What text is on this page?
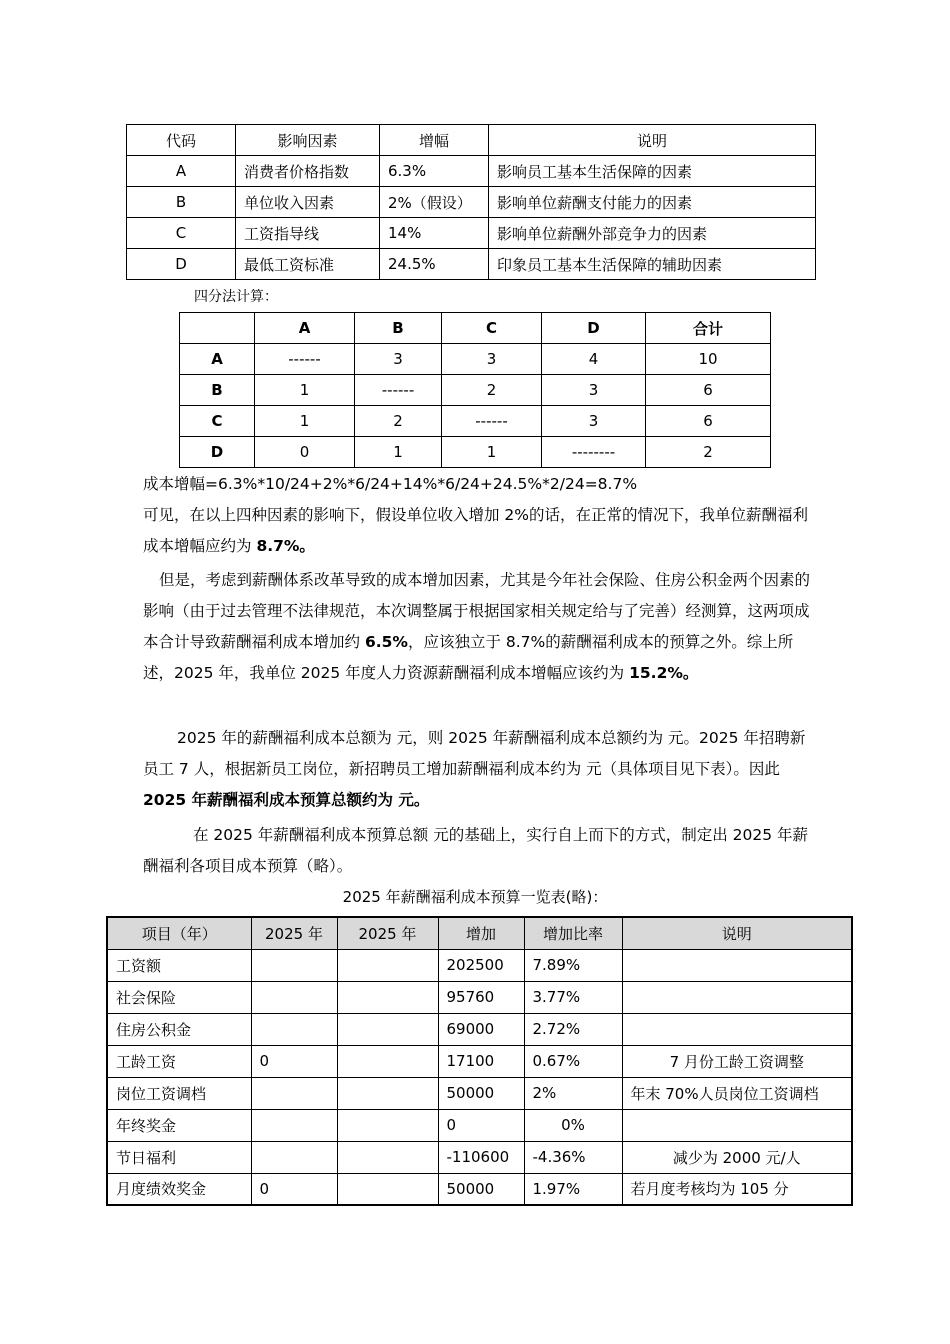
代码	影响因素	增幅	说明
A	消费者价格指数	6.3%	影响员工基本生活保障的因素
B	单位收入因素	2%（假设）	影响单位薪酬支付能力的因素
C	工资指导线	14%	影响单位薪酬外部竞争力的因素
D	最低工资标准	24.5%	印象员工基本生活保障的辅助因素
四分法计算：
	A	B	C	D	合计
A	------	3	3	4	10
B	1	------	2	3	6
C	1	2	------	3	6
D	0	1	1	--------	2

成本增幅=6.3%*10/24+2%*6/24+14%*6/24+24.5%*2/24=8.7%
可见，在以上四种因素的影响下，假设单位收入增加 2%的话，在正常的情况下，我单位薪酬福利成本增幅应约为 8.7%。

但是，考虑到薪酬体系改革导致的成本增加因素，尤其是今年社会保险、住房公积金两个因素的影响（由于过去管理不法律规范，本次调整属于根据国家相关规定给与了完善）经测算，这两项成本合计导致薪酬福利成本增加约 6.5%，应该独立于 8.7%的薪酬福利成本的预算之外。综上所述，2025 年，我单位 2025 年度人力资源薪酬福利成本增幅应该约为 15.2%。

2025 年的薪酬福利成本总额为 元，则 2025 年薪酬福利成本总额约为 元。2025 年招聘新员工 7 人，根据新员工岗位，新招聘员工增加薪酬福利成本约为 元（具体项目见下表）。因此 2025 年薪酬福利成本预算总额约为 元。

在 2025 年薪酬福利成本预算总额 元的基础上，实行自上而下的方式，制定出 2025 年薪酬福利各项目成本预算（略）。

2025 年薪酬福利成本预算一览表(略)：
项目（年）	2025 年	2025 年	增加	增加比率	说明
工资额			202500	7.89%	
社会保险			95760	3.77%	
住房公积金			69000	2.72%	
工龄工资	0		17100	0.67%	7 月份工龄工资调整
岗位工资调档			50000	2%	年末 70%人员岗位工资调档
年终奖金			0	0%	
节日福利			-110600	-4.36%	减少为 2000 元/人
月度绩效奖金	0		50000	1.97%	若月度考核均为 105 分
